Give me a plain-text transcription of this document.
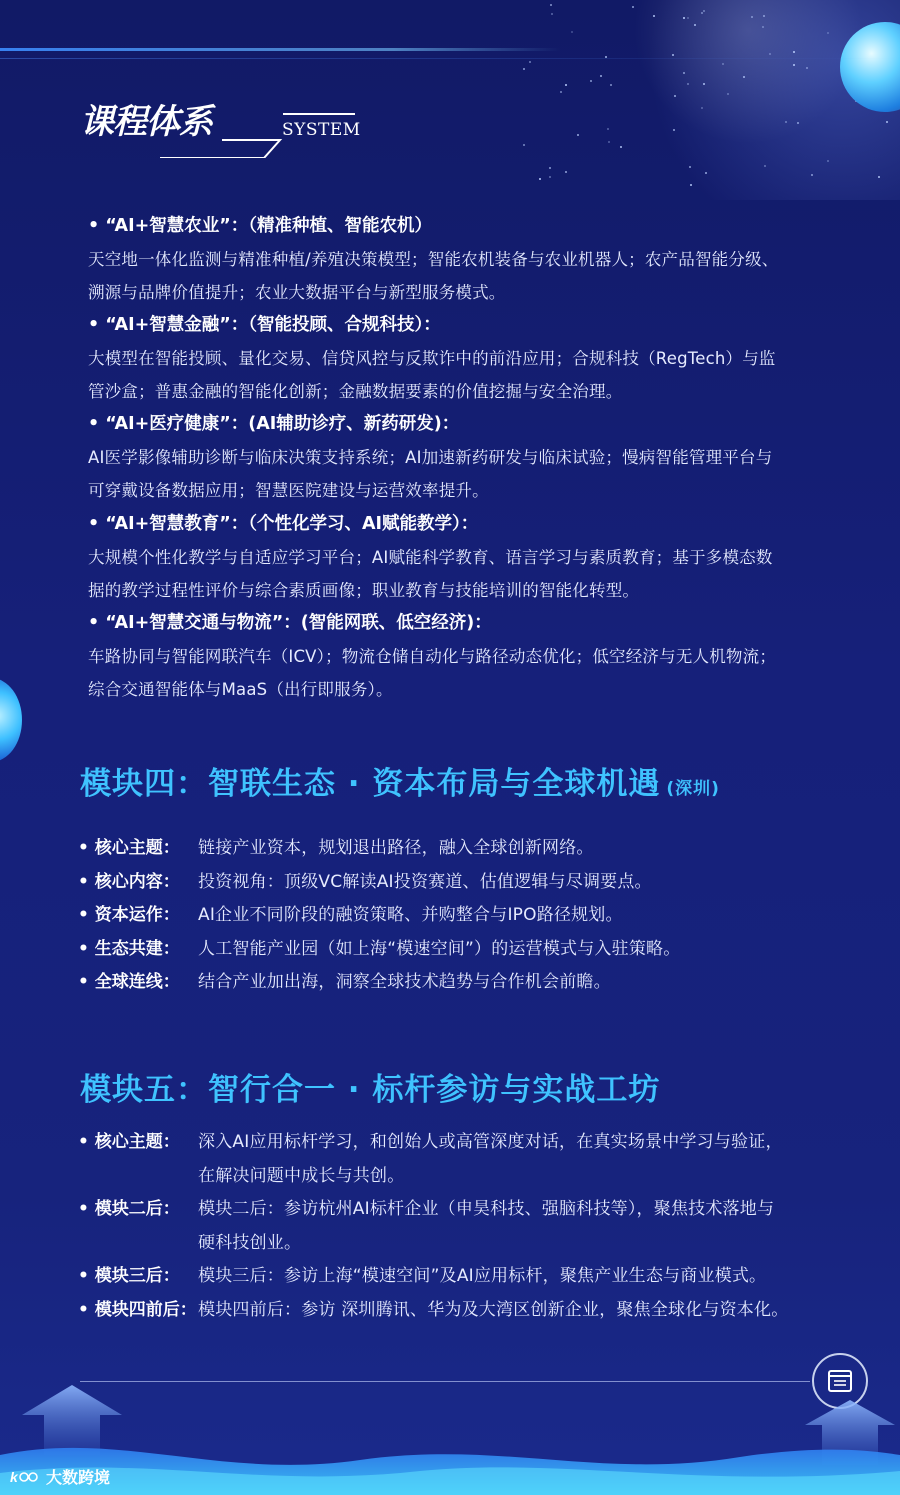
课程体系	SYSTEM
• “AI+智慧农业”：（精准种植、智能农机）
天空地一体化监测与精准种植/养殖决策模型；智能农机装备与农业机器人；农产品智能分级、
溯源与品牌价值提升；农业大数据平台与新型服务模式。
• “AI+智慧金融”：（智能投顾、合规科技）：
大模型在智能投顾、量化交易、信贷风控与反欺诈中的前沿应用；合规科技（RegTech）与监
管沙盒；普惠金融的智能化创新；金融数据要素的价值挖掘与安全治理。
• “AI+医疗健康”：(AI辅助诊疗、新药研发)：
AI医学影像辅助诊断与临床决策支持系统；AI加速新药研发与临床试验；慢病智能管理平台与
可穿戴设备数据应用；智慧医院建设与运营效率提升。
• “AI+智慧教育”：（个性化学习、AI赋能教学）：
大规模个性化教学与自适应学习平台；AI赋能科学教育、语言学习与素质教育；基于多模态数
据的教学过程性评价与综合素质画像；职业教育与技能培训的智能化转型。
• “AI+智慧交通与物流”：(智能网联、低空经济)：
车路协同与智能网联汽车（ICV）；物流仓储自动化与路径动态优化；低空经济与无人机物流；
综合交通智能体与MaaS（出行即服务）。
模块四：智联生态 · 资本布局与全球机遇 (深圳)
• 核心主题：	链接产业资本，规划退出路径，融入全球创新网络。
• 核心内容：	投资视角：顶级VC解读AI投资赛道、估值逻辑与尽调要点。
• 资本运作：	AI企业不同阶段的融资策略、并购整合与IPO路径规划。
• 生态共建：	人工智能产业园（如上海“模速空间”）的运营模式与入驻策略。
• 全球连线：	结合产业加出海，洞察全球技术趋势与合作机会前瞻。
模块五：智行合一 · 标杆参访与实战工坊
• 核心主题：	深入AI应用标杆学习，和创始人或高管深度对话，在真实场景中学习与验证，
在解决问题中成长与共创。
• 模块二后：	模块二后：参访杭州AI标杆企业（申昊科技、强脑科技等），聚焦技术落地与
硬科技创业。
• 模块三后：	模块三后：参访上海“模速空间”及AI应用标杆，聚焦产业生态与商业模式。
• 模块四前后： 模块四前后：参访 深圳腾讯、华为及大湾区创新企业，聚焦全球化与资本化。
k 大数跨境
